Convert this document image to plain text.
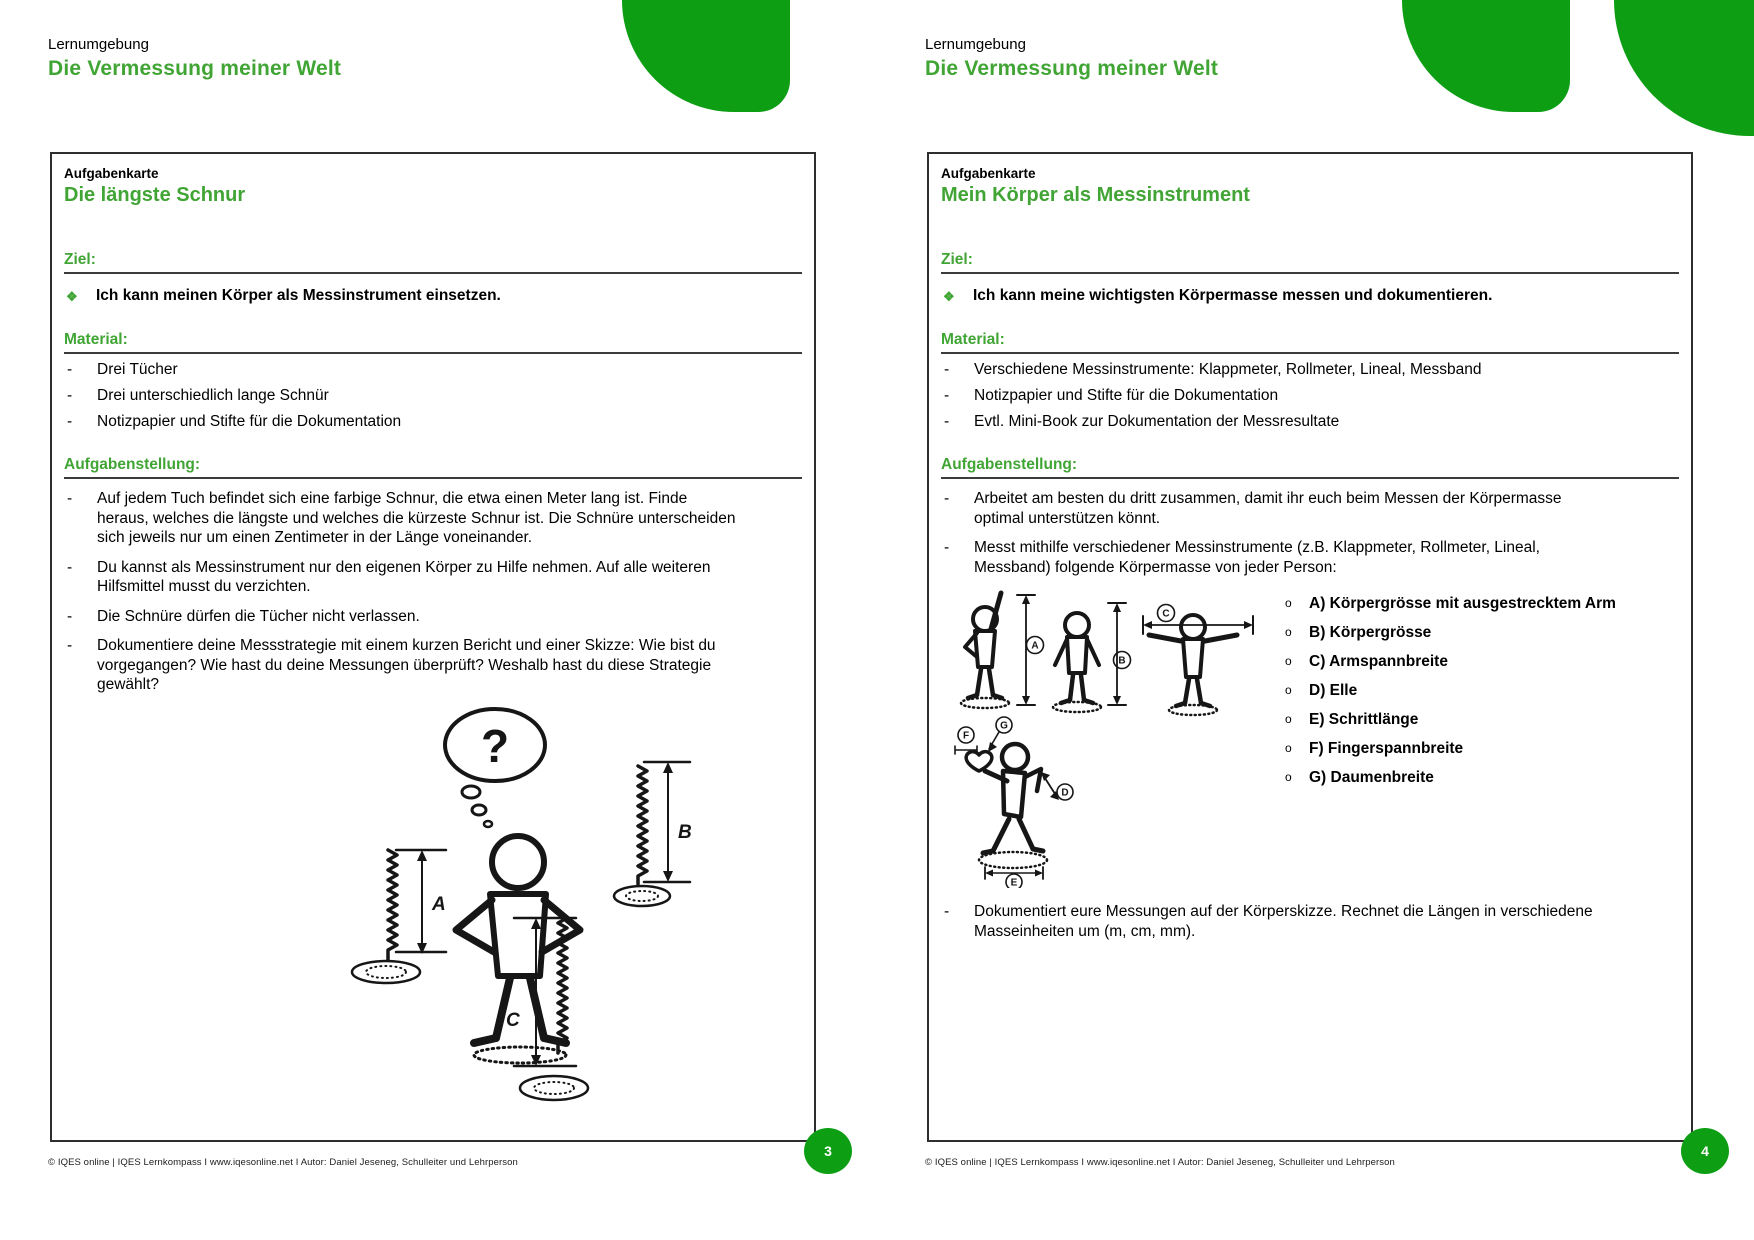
Lernumgebung
Die Vermessung meiner Welt
Aufgabenkarte
Die längste Schnur
Ziel:
❖	Ich kann meinen Körper als Messinstrument einsetzen.
Material:
-	Drei Tücher
-	Drei unterschiedlich lange Schnür
-	Notizpapier und Stifte für die Dokumentation
Aufgabenstellung:
-	Auf jedem Tuch befindet sich eine farbige Schnur, die etwa einen Meter lang ist. Finde heraus, welches die längste und welches die kürzeste Schnur ist. Die Schnüre unterscheiden sich jeweils nur um einen Zentimeter in der Länge voneinander.
-	Du kannst als Messinstrument nur den eigenen Körper zu Hilfe nehmen. Auf alle weiteren Hilfsmittel musst du verzichten.
-	Die Schnüre dürfen die Tücher nicht verlassen.
-	Dokumentiere deine Messstrategie mit einem kurzen Bericht und einer Skizze: Wie bist du vorgegangen? Wie hast du deine Messungen überprüft? Weshalb hast du diese Strategie gewählt?
?
A
B
C
© IQES online | IQES Lernkompass I www.iqesonline.net I Autor: Daniel Jeseneg, Schulleiter und Lehrperson
3
Lernumgebung
Die Vermessung meiner Welt
Aufgabenkarte
Mein Körper als Messinstrument
Ziel:
❖	Ich kann meine wichtigsten Körpermasse messen und dokumentieren.
Material:
-	Verschiedene Messinstrumente: Klappmeter, Rollmeter, Lineal, Messband
-	Notizpapier und Stifte für die Dokumentation
-	Evtl. Mini-Book zur Dokumentation der Messresultate
Aufgabenstellung:
-	Arbeitet am besten du dritt zusammen, damit ihr euch beim Messen der Körpermasse optimal unterstützen könnt.
-	Messt mithilfe verschiedener Messinstrumente (z.B. Klappmeter, Rollmeter, Lineal, Messband) folgende Körpermasse von jeder Person:
A
B
C
F
G
D
E
o	A) Körpergrösse mit ausgestrecktem Arm
o	B) Körpergrösse
o	C) Armspannbreite
o	D) Elle
o	E) Schrittlänge
o	F) Fingerspannbreite
o	G) Daumenbreite
-	Dokumentiert eure Messungen auf der Körperskizze. Rechnet die Längen in verschiedene Masseinheiten um (m, cm, mm).
© IQES online | IQES Lernkompass I www.iqesonline.net I Autor: Daniel Jeseneg, Schulleiter und Lehrperson
4
